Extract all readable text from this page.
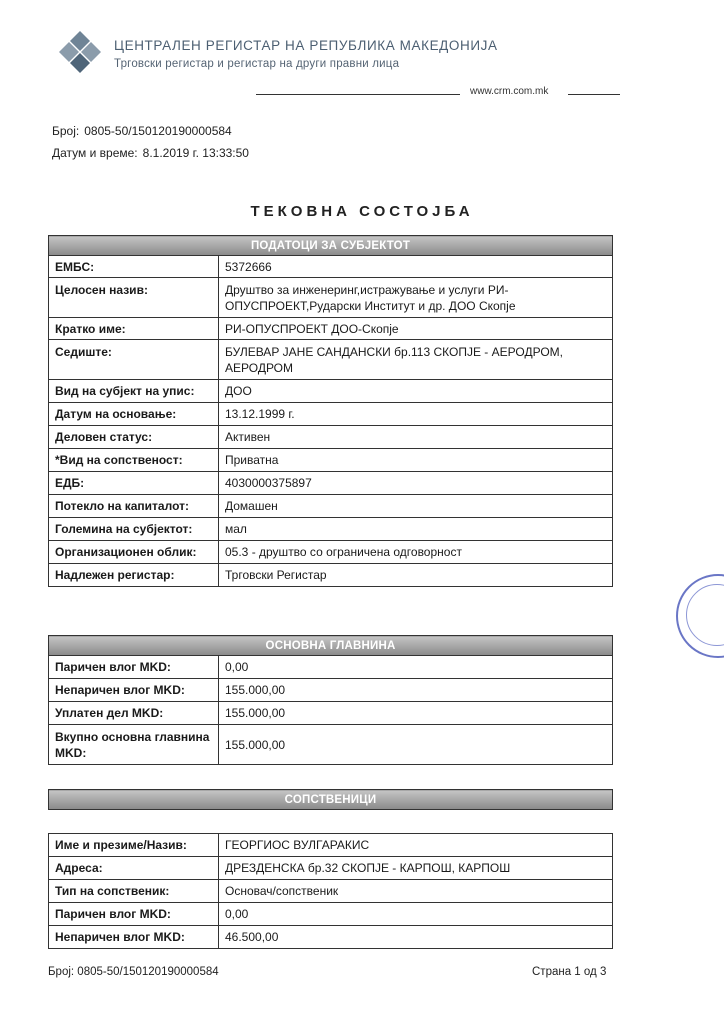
ЦЕНТРАЛЕН РЕГИСТАР НА РЕПУБЛИКА МАКЕДОНИЈА
Трговски регистар и регистар на други правни лица
www.crm.com.mk
Број: 0805-50/150120190000584
Датум и време: 8.1.2019 г. 13:33:50
ТЕКОВНА СОСТОЈБА
ПОДАТОЦИ ЗА СУБЈЕКТОТ	
ЕМБС:	5372666
Целосен назив:	Друштво за инженеринг,истражување и услуги РИ-ОПУСПРОЕКТ,Рударски Институт и др. ДОО Скопје
Кратко име:	РИ-ОПУСПРОЕКТ ДОО-Скопје
Седиште:	БУЛЕВАР ЈАНЕ САНДАНСКИ бр.113 СКОПЈЕ - АЕРОДРОМ, АЕРОДРОМ
Вид на субјект на упис:	ДОО
Датум на основање:	13.12.1999 г.
Деловен статус:	Активен
*Вид на сопственост:	Приватна
ЕДБ:	4030000375897
Потекло на капиталот:	Домашен
Големина на субјектот:	мал
Организационен облик:	05.3 - друштво со ограничена одговорност
Надлежен регистар:	Трговски Регистар
ОСНОВНА ГЛАВНИНА	
Паричен влог MKD:	0,00
Непаричен влог MKD:	155.000,00
Уплатен дел MKD:	155.000,00
Вкупно основна главнина MKD:	155.000,00
СОПСТВЕНИЦИ
Име и презиме/Назив:	ГЕОРГИОС ВУЛГАРАКИС
Адреса:	ДРЕЗДЕНСКА бр.32 СКОПЈЕ - КАРПОШ, КАРПОШ
Тип на сопственик:	Основач/сопственик
Паричен влог MKD:	0,00
Непаричен влог MKD:	46.500,00
Број: 0805-50/150120190000584	Страна 1 од 3
